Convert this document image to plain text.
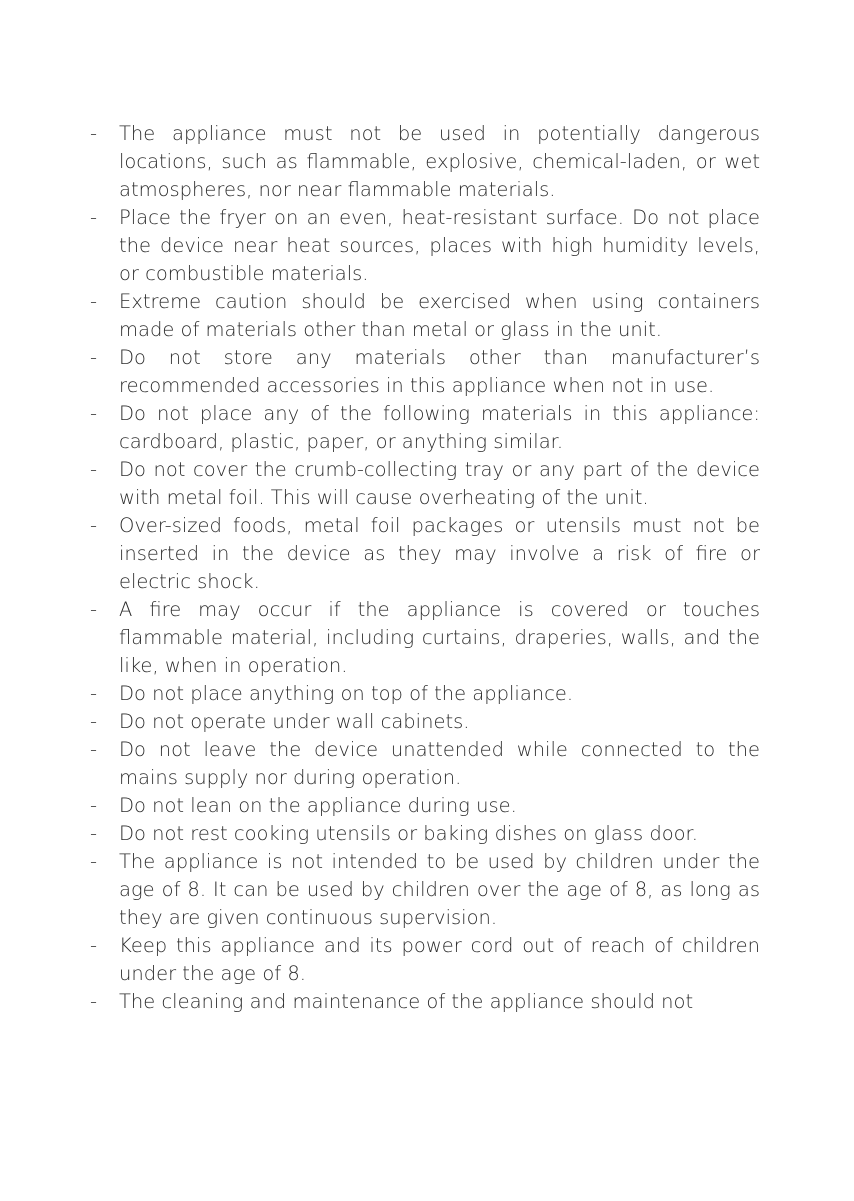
-	The appliance must not be used in potentially dangerous locations, such as flammable, explosive, chemical-laden, or wet atmospheres, nor near flammable materials.
-	Place the fryer on an even, heat-resistant surface. Do not place the device near heat sources, places with high humidity levels, or combustible materials.
-	Extreme caution should be exercised when using containers made of materials other than metal or glass in the unit.
-	Do not store any materials other than manufacturer’s recommended accessories in this appliance when not in use.
-	Do not place any of the following materials in this appliance: cardboard, plastic, paper, or anything similar.
-	Do not cover the crumb-collecting tray or any part of the device with metal foil. This will cause overheating of the unit.
-	Over-sized foods, metal foil packages or utensils must not be inserted in the device as they may involve a risk of fire or electric shock.
-	A fire may occur if the appliance is covered or touches flammable material, including curtains, draperies, walls, and the like, when in operation.
-	Do not place anything on top of the appliance.
-	Do not operate under wall cabinets.
-	Do not leave the device unattended while connected to the mains supply nor during operation.
-	Do not lean on the appliance during use.
-	Do not rest cooking utensils or baking dishes on glass door.
-	The appliance is not intended to be used by children under the age of 8. It can be used by children over the age of 8, as long as they are given continuous supervision.
-	Keep this appliance and its power cord out of reach of children under the age of 8.
-	The cleaning and maintenance of the appliance should not
